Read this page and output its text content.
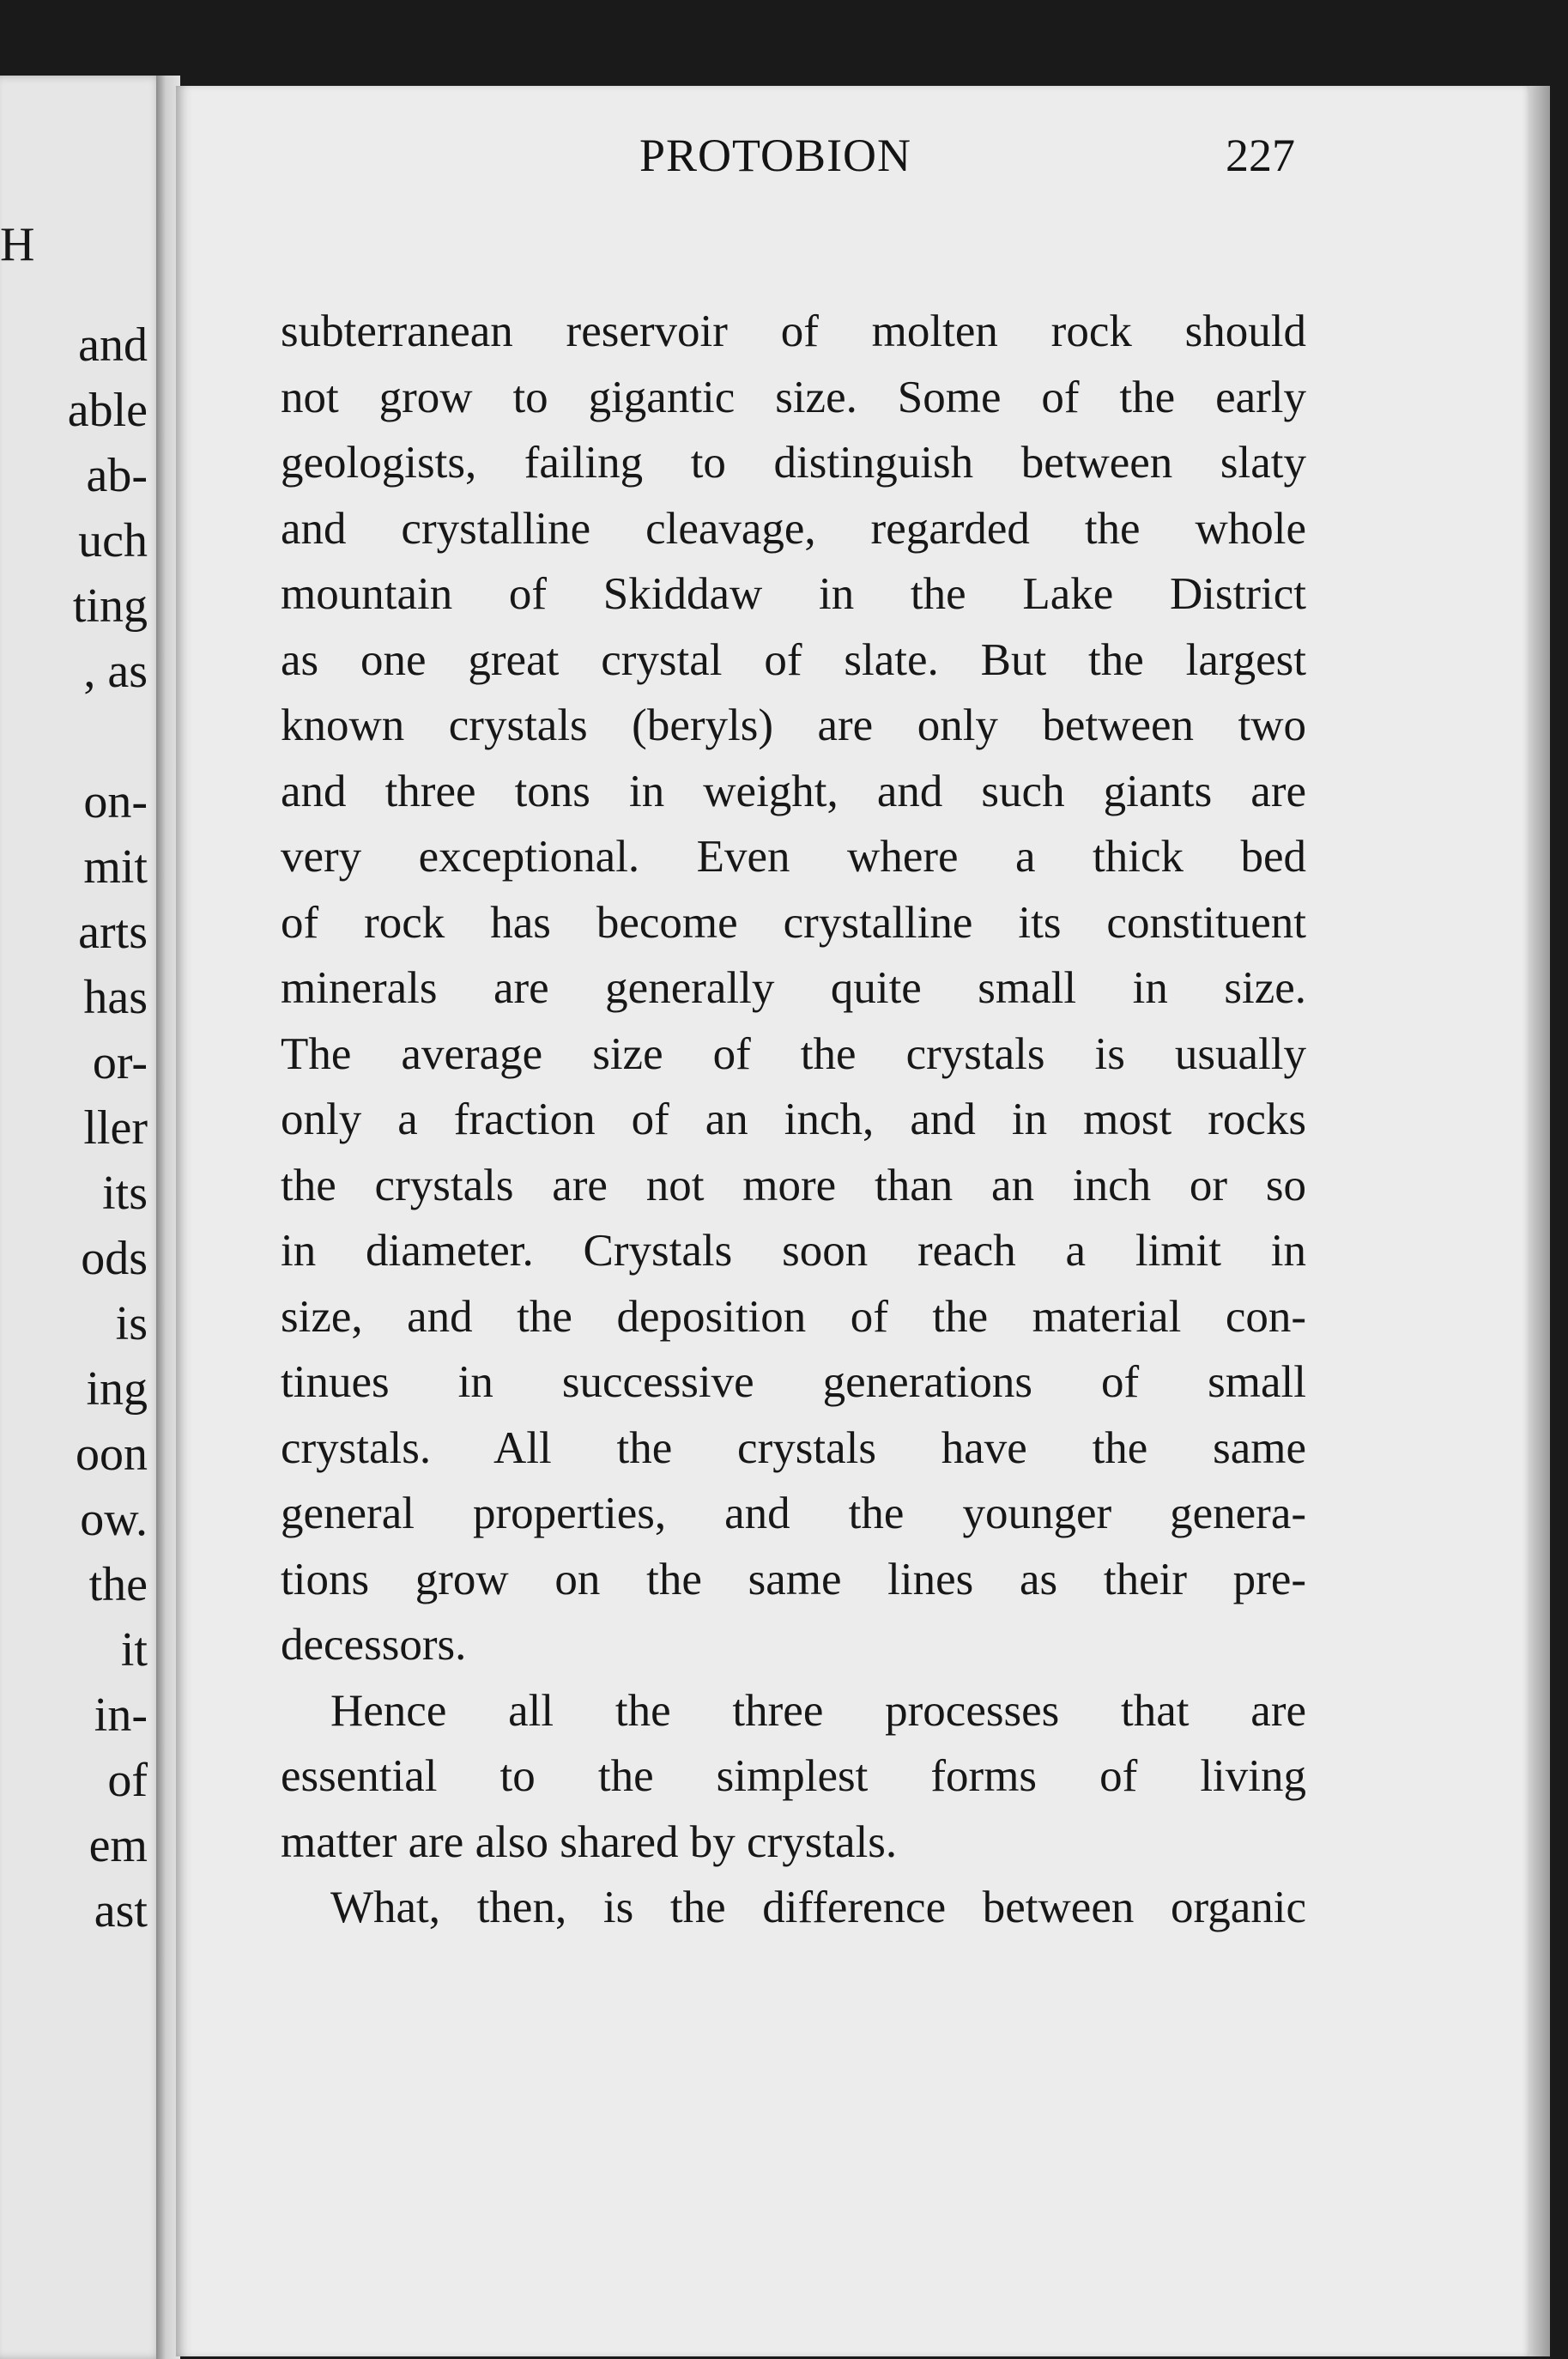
H
and
able
ab-
uch
ting
, as
on-
mit
arts
has
or-
ller
its
ods
is
ing
oon
ow.
the
it
in-
of
em
ast
PROTOBION	227
subterranean reservoir of molten rock should
not grow to gigantic size. Some of the early
geologists, failing to distinguish between slaty
and crystalline cleavage, regarded the whole
mountain of Skiddaw in the Lake District
as one great crystal of slate. But the largest
known crystals (beryls) are only between two
and three tons in weight, and such giants are
very exceptional. Even where a thick bed
of rock has become crystalline its constituent
minerals are generally quite small in size.
The average size of the crystals is usually
only a fraction of an inch, and in most rocks
the crystals are not more than an inch or so
in diameter. Crystals soon reach a limit in
size, and the deposition of the material con-
tinues in successive generations of small
crystals. All the crystals have the same
general properties, and the younger genera-
tions grow on the same lines as their pre-
decessors.
Hence all the three processes that are
essential to the simplest forms of living
matter are also shared by crystals.
What, then, is the difference between organic
